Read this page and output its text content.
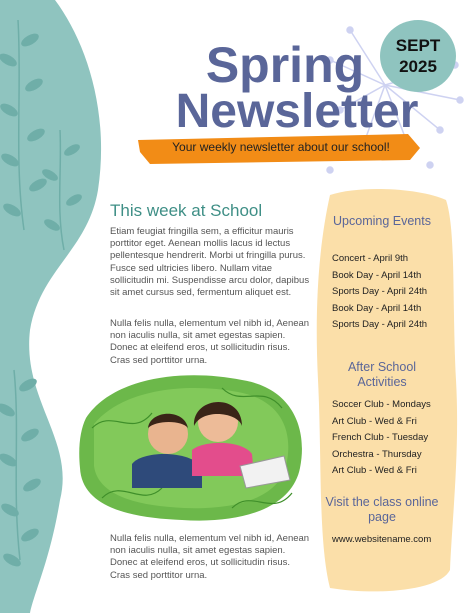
Spring
Newsletter
SEPT
2025
Your weekly newsletter about our school!
This week at School
Etiam feugiat fringilla sem, a efficitur mauris porttitor eget. Aenean mollis lacus id lectus pellentesque hendrerit. Morbi ut fringilla purus. Fusce sed ultricies libero. Nullam vitae sollicitudin mi. Suspendisse arcu dolor, dapibus sit amet cursus sed, fermentum aliquet est.
Nulla felis nulla, elementum vel nibh id, Aenean non iaculis nulla, sit amet egestas sapien. Donec at eleifend eros, ut sollicitudin risus. Cras sed porttitor urna.
Nulla felis nulla, elementum vel nibh id, Aenean non iaculis nulla, sit amet egestas sapien. Donec at eleifend eros, ut sollicitudin risus. Cras sed porttitor urna.
Upcoming Events
Concert - April 9th
Book Day - April 14th
Sports Day - April 24th
Book Day - April 14th
Sports Day - April 24th
After School Activities
Soccer Club - Mondays
Art Club - Wed & Fri
French Club - Tuesday
Orchestra - Thursday
Art Club - Wed & Fri
Visit the class online page
www.websitename.com
